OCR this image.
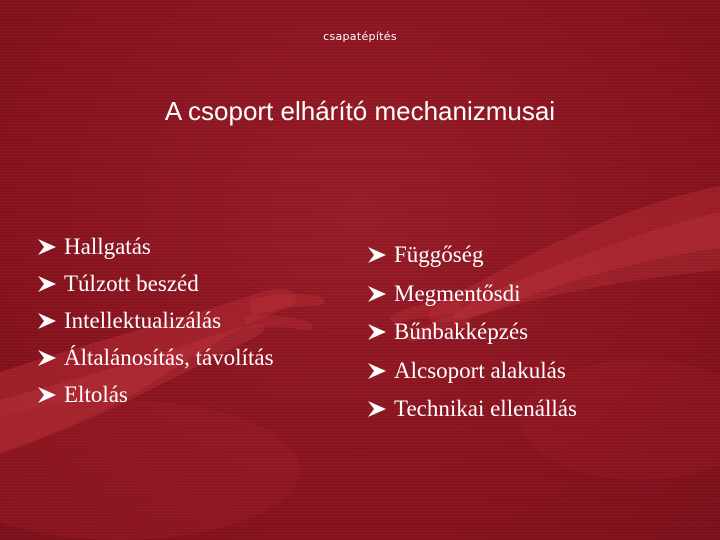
csapatépítés
A csoport elhárító mechanizmusai
Hallgatás
Túlzott beszéd
Intellektualizálás
Általánosítás, távolítás
Eltolás
Függőség
Megmentősdi
Bűnbakképzés
Alcsoport alakulás
Technikai ellenállás
